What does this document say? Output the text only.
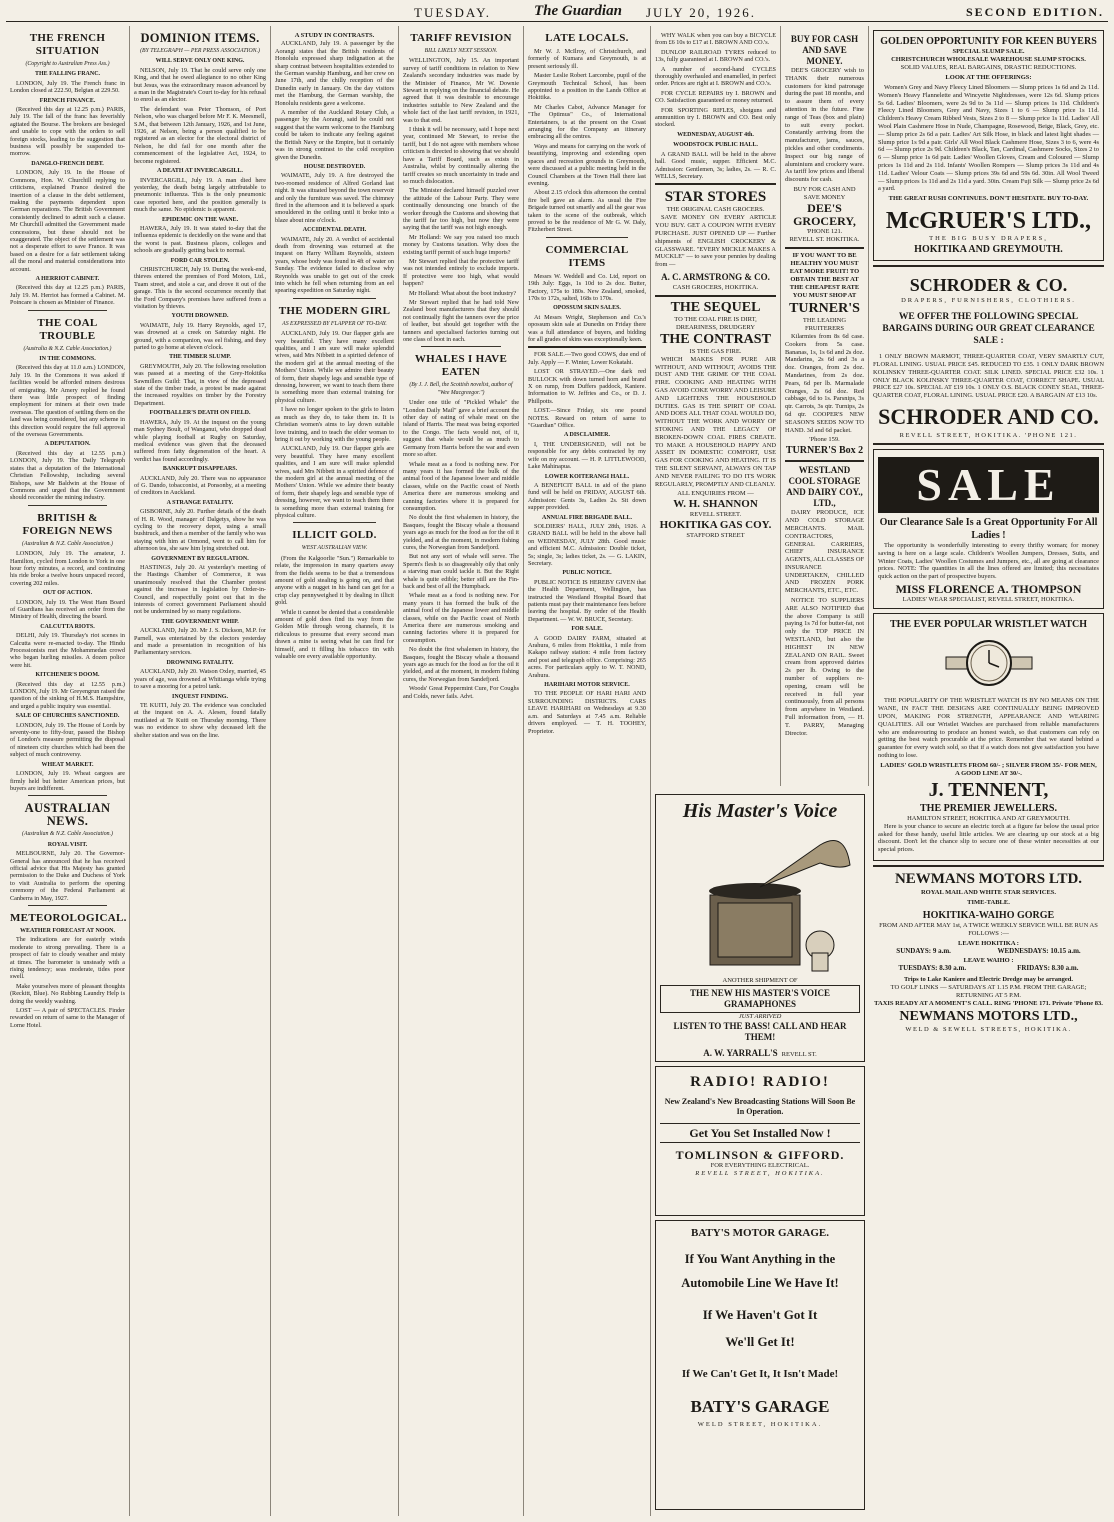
TUESDAY.	The Guardian JULY 20, 1926.	SECOND EDITION.
THE FRENCH SITUATION
(Copyright to Australian Press Ass.)
THE FALLING FRANC.
LONDON, July 19. The French franc in London closed at 222.50, Belgian at 229.50.
FRENCH FINANCE.
(Received this day at 12.25 p.m.) PARIS, July 19. The fall of the franc has feverishly agitated the Bourse. The brokers are besieged and unable to cope with the orders to sell foreign stocks, leading to the suggestion that business will possibly be suspended to-morrow.
DANGLO-FRENCH DEBT.
LONDON, July 19. In the House of Commons, Hon. W. Churchill replying to criticisms, explained France desired the insertion of a clause in the debt settlement, making the payments dependent upon German reparations. The British Government consistently declined to admit such a clause. Mr Churchill admitted the Government made concessions, but these should not be exaggerated. The object of the settlement was not a desperate effort to save France. It was based on a desire for a fair settlement taking all the moral and material considerations into account.
A HERRIOT CABINET.
(Received this day at 12.25 p.m.) PARIS, July 19. M. Herriot has formed a Cabinet. M. Poincare is chosen as Minister of Finance.
THE COAL TROUBLE
(Australia & N.Z. Cable Association.)
IN THE COMMONS.
(Received this day at 11.0 a.m.) LONDON, July 19. In the Commons it was asked if facilities would be afforded miners desirous of emigrating. Mr Amery replied he found there was little prospect of finding employment for miners at their own trade overseas. The question of settling them on the land was being considered, but any scheme in this direction would require the full approval of the overseas Governments.
A DEPUTATION.
(Received this day at 12.55 p.m.) LONDON, July 19. The Daily Telegraph states that a deputation of the International Christian Fellowship, including several Bishops, saw Mr Baldwin at the House of Commons and urged that the Government should reconsider the mining industry.
BRITISH & FOREIGN NEWS
(Australian & N.Z. Cable Association.)
LONDON, July 19. The amateur, J. Hamilton, cycled from London to York in one hour forty minutes, a record, and continuing his ride broke a twelve hours unpaced record, covering 202 miles.
OUT OF ACTION.
LONDON, July 19. The West Ham Board of Guardians has received an order from the Ministry of Health, directing the board.
CALCUTTA RIOTS.
DELHI, July 19. Thursday's riot scenes in Calcutta were re-enacted to-day. The Hindu Processionists met the Mohammedan crowd who began hurling missiles. A dozen police were hit.
KITCHENER'S DOOM.
(Received this day at 12.55 p.m.) LONDON, July 19. Mr Greyengrun raised the question of the sinking of H.M.S. Hampshire, and urged a public inquiry was essential.
SALE OF CHURCHES SANCTIONED.
LONDON, July 19. The House of Lords by seventy-one to fifty-four, passed the Bishop of London's measure permitting the disposal of nineteen city churches which had been the subject of much controversy.
WHEAT MARKET.
LONDON, July 19. Wheat cargoes are firmly held but hetter American prices, but buyers are indifferent.
AUSTRALIAN NEWS.
(Australian & N.Z. Cable Association.)
ROYAL VISIT.
MELBOURNE, July 20. The Governor-General has announced that he has received official advice that His Majesty has granted permission to the Duke and Duchess of York to visit Australia to perform the opening ceremony of the Federal Parliament at Canberra in May, 1927.
METEOROLOGICAL.
WEATHER FORECAST AT NOON.
The indications are for easterly winds moderate to strong prevailing. There is a prospect of fair to cloudy weather and misty at times. The barometer is unsteady with a rising tendency; seas moderate, tides poor swell.
Make yourselves more of pleasant thoughts (Reckitt, Blue). No Rubbing Laundry Help is doing the weekly washing.
LOST — A pair of SPECTACLES. Finder rewarded on return of same to the Manager of Lorne Hotel.
DOMINION ITEMS.
(BY TELEGRAPH — PER PRESS ASSOCIATION.)
WILL SERVE ONLY ONE KING.
NELSON, July 19. That he could serve only one King, and that he owed allegiance to no other King but Jesus, was the extraordinary reason advanced by a man in the Magistrate's Court to-day for his refusal to enrol as an elector.
The defendant was Peter Thomson, of Port Nelson, who was charged before Mr F. K. Meesmell, S.M., that between 12th January, 1926, and 1st June, 1926, at Nelson, being a person qualified to be registered as an elector for the electoral district of Nelson, he did fail for one month after the commencement of the legislative Act, 1924, to become registered.
A DEATH AT INVERCARGILL.
INVERCARGILL, July 19. A man died here yesterday, the death being largely attributable to pneumonic influenza. This is the only pneumonic case reported here, and the position generally is much the same. No epidemic is apparent.
EPIDEMIC ON THE WANE.
HAWERA, July 19. It was stated to-day that the influenza epidemic is decidedly on the wane and that the worst is past. Business places, colleges and schools are gradually getting back to normal.
FORD CAR STOLEN.
CHRISTCHURCH, July 19. During the week-end, thieves entered the premises of Ford Motors, Ltd., Tuam street, and stole a car, and drove it out of the garage. This is the second occurrence recently that the Ford Company's premises have suffered from a visitation by thieves.
YOUTH DROWNED.
WAIMATE, July 19. Harry Reynolds, aged 17, was drowned at a creek on Saturday night. He ground, with a companion, was eel fishing, and they parted to go home at eleven o'clock.
THE TIMBER SLUMP.
GREYMOUTH, July 20. The following resolution was passed at a meeting of the Grey-Hokitika Sawmillers Guild: That, in view of the depressed state of the timber trade, a protest be made against the increased royalties on timber by the Forestry Department.
FOOTBALLER'S DEATH ON FIELD.
HAWERA, July 19. At the inquest on the young man Sydney Boult, of Wanganui, who dropped dead while playing football at Rugby on Saturday, medical evidence was given that the deceased suffered from fatty degeneration of the heart. A verdict has found accordingly.
BANKRUPT DISAPPEARS.
AUCKLAND, July 20. There was no appearance of G. Dando, tobacconist, at Ponsonby, at a meeting of creditors in Auckland.
A STRANGE FATALITY.
GISBORNE, July 20. Further details of the death of H. R. Wood, manager of Dalgetys, show he was cycling to the recovery depot, using a small bushtruck, and then a member of the family who was staying with him at Ormond, went to call him for afternoon tea, she saw him lying stretched out.
GOVERNMENT BY REGULATION.
HASTINGS, July 20. At yesterday's meeting of the Hastings Chamber of Commerce, it was unanimously resolved that the Chamber protest against the increase in legislation by Order-in-Council, and respectfully point out that in the interests of correct government Parliament should not be undermined by so many regulations.
THE GOVERNMENT WHIP.
AUCKLAND, July 20. Mr J. S. Dickson, M.P. for Parnell, was entertained by the electors yesterday and made a presentation in recognition of his Parliamentary services.
DROWNING FATALITY.
AUCKLAND, July 20. Watson Oxley, married, 45 years of age, was drowned at Whitianga while trying to save a mooring for a petrol tank.
INQUEST FINDING.
TE KUITI, July 20. The evidence was concluded at the inquest on A. A. Alesen, found fatally mutilated at Te Kuiti on Thursday morning. There was no evidence to show why deceased left the shelter station and was on the line.
A STUDY IN CONTRASTS.
AUCKLAND, July 19. A passenger by the Aorangi states that the British residents of Honolulu expressed sharp indignation at the sharp contrast between hospitalities extended to the German warship Hamburg, and her crew on June 17th, and the chilly reception of the Dunedin early in January. On the day visitors met the Hamburg, the German warship, the Honolulu residents gave a welcome.
A member of the Auckland Rotary Club, a passenger by the Aorangi, said he could not suggest that the warm welcome to the Hamburg could be taken to indicate any feeling against the British Navy or the Empire, but it certainly was in strong contrast to the cold reception given the Dunedin.
HOUSE DESTROYED.
WAIMATE, July 19. A fire destroyed the two-roomed residence of Alfred Gorland last night. It was situated beyond the town reservoir and only the furniture was saved. The chimney fired in the afternoon and it is believed a spark smouldered in the ceiling until it broke into a blaze about nine o'clock.
ACCIDENTAL DEATH.
WAIMATE, July 20. A verdict of accidental death from drowning was returned at the inquest on Harry William Reynolds, sixteen years, whose body was found in 4ft of water on Sunday. The evidence failed to disclose why Reynolds was unable to get out of the creek into which he fell when returning from an eel spearing expedition on Saturday night.
THE MODERN GIRL
AS EXPRESSED BY FLAPPER OF TO-DAY.
AUCKLAND, July 19. Our flapper girls are very beautiful. They have many excellent qualities, and I am sure will make splendid wives, said Mrs Nibbett in a spirited defence of the modern girl at the annual meeting of the Mothers' Union. While we admire their beauty of form, their shapely legs and sensible type of dressing, however, we want to teach them there is something more than external training for physical culture.
I have no longer spoken to the girls to listen as much as they do, to take them in. It is Christian women's aims to lay down suitable love training, and to teach the elder woman to bring it out by working with the young people.
AUCKLAND, July 19. Our flapper girls are very beautiful. They have many excellent qualities, and I am sure will make splendid wives, said Mrs Nibbett in a spirited defence of the modern girl at the annual meeting of the Mothers' Union. While we admire their beauty of form, their shapely legs and sensible type of dressing, however, we want to teach them there is something more than external training for physical culture.
ILLICIT GOLD.
WEST AUSTRALIAN VIEW.
(From the Kalgoorlie "Sun.") Remarkable to relate, the impression in many quarters away from the fields seems to be that a tremendous amount of gold stealing is going on, and that anyone with a nugget in his hand can get for a crisp clay pennyweighed it by dealing in illicit gold.
While it cannot be denied that a considerable amount of gold does find its way from the Golden Mile through wrong channels, it is ridiculous to presume that every second man drawn a mine is seeing what he can find for himself, and it filling his tobacco tin with valuable ore every available opportunity.
TARIFF REVISION
BILL LIKELY NEXT SESSION.
WELLINGTON, July 15. An important survey of tariff conditions in relation to New Zealand's secondary industries was made by the Minister of Finance, Mr W. Downie Stewart in replying on the financial debate. He agreed that it was desirable to encourage industries suitable to New Zealand and the whole fact of the last tariff revision, in 1921, was to that end.
I think it will be necessary, said I hope next year, continued Mr Stewart, to revise the tariff, but I do not agree with members whose criticism is directed to showing that we should have a Tariff Board, such as exists in Australia, whilst by continually altering the tariff creates so much uncertainty in trade and so much dislocation.
The Minister declared himself puzzled over the attitude of the Labour Party. They were continually denouncing one branch of the worker through the Customs and showing that the tariff far too high, but now they were saying that the tariff was not high enough.
Mr Holland: We say you raised too much money by Customs taxation. Why does the existing tariff permit of such huge imports?
Mr Stewart replied that the protective tariff was not intended entirely to exclude imports. If protective were too high, what would happen?
Mr Holland: What about the boot industry?
Mr Stewart replied that he had told New Zealand boot manufacturers that they should not continually fight the tanners over the price of leather, but should get together with the tanners and specialised factories turning out one class of boot in each.
WHALES I HAVE EATEN
(By J. J. Bell, the Scottish novelist, author of "Wee Macgreegor.")
Under one title of "Pickled Whale" the "London Daily Mail" gave a brief account the other day of eating of whale meat on the island of Harris. The meat was being exported to the Congo. The facts would not, of it, suggest that whale would be as much to Germany from Harris before the war and even more so after.
Whale meat as a food is nothing new. For many years it has formed the bulk of the animal food of the Japanese lower and middle classes, while on the Pacific coast of North America there are numerous smoking and canning factories where it is prepared for consumption.
No doubt the first whalemen in history, the Basques, fought the Biscay whale a thousand years ago as much for the food as for the oil it yielded, and at the moment, in modern fishing cures, the Norwegian from Sandefjord.
But not any sort of whale will serve. The Sperm's flesh is so disagreeably oily that only a starving man could tackle it. But the Right whale is quite edible; better still are the Fin-back and best of all the Humpback.
Whale meat as a food is nothing new. For many years it has formed the bulk of the animal food of the Japanese lower and middle classes, while on the Pacific coast of North America there are numerous smoking and canning factories where it is prepared for consumption.
No doubt the first whalemen in history, the Basques, fought the Biscay whale a thousand years ago as much for the food as for the oil it yielded, and at the moment, in modern fishing cures, the Norwegian from Sandefjord.
Woods' Great Peppermint Cure, For Coughs and Colds, never fails. Advt.
LATE LOCALS.
Mr W. J. McIlroy, of Christchurch, and formerly of Kumara and Greymouth, is at present seriously ill.
Master Leslie Robert Larcombe, pupil of the Greymouth Technical School, has been appointed to a position in the Lands Office at Hokitika.
Mr Charles Cabot, Advance Manager for "The Optimus" Co., of International Entertainers, is at the present on the Coast arranging for the Company an itinerary embracing all the centres.
Ways and means for carrying on the work of beautifying, improving and extending open spaces and recreation grounds in Greymouth, were discussed at a public meeting held in the Council Chambers at the Town Hall there last evening.
About 2.15 o'clock this afternoon the central fire bell gave an alarm. As usual the Fire Brigade turned out smartly and all the gear was taken to the scene of the outbreak, which proved to be the residence of Mr G. W. Daly, Fitzherbert Street.
COMMERCIAL ITEMS
Messrs W. Weddell and Co. Ltd, report on 19th July: Eggs, 1s 10d to 2s doz. Butter, Factory, 175s to 180s. New Zealand, smoked, 170s to 172s, salted, 168s to 170s.
OPOSSUM SKIN SALES.
At Messrs Wright, Stephenson and Co.'s opossum skin sale at Dunedin on Friday there was a full attendance of buyers, and bidding for all grades of skins was exceptionally keen.
FOR SALE.—Two good COWS, due end of July. Apply — F. Winter, Lower Kokatahi.
LOST OR STRAYED.—One dark red BULLOCK with down turned horn and brand X on rump, from Duffers paddock, Kaniere. Information to W. Jeffries and Co., or D. J. Phillpotts.
LOST.—Since Friday, six one pound NOTES. Reward on return of same to "Guardian" Office.
A DISCLAIMER.
I, THE UNDERSIGNED, will not be responsible for any debts contracted by my wife on my account. — H. P. LITTLEWOOD, Lake Mahinapua.
LOWER KOITERANGI HALL.
A BENEFICIT BALL in aid of the piano fund will be held on FRIDAY, AUGUST 6th. Admission: Gents 3s, Ladies 2s. Sit down supper provided.
ANNUAL FIRE BRIGADE BALL.
SOLDIERS' HALL, JULY 28th, 1926. A GRAND BALL will be held in the above hall on WEDNESDAY, JULY 28th. Good music and efficient M.C. Admission: Double ticket, 5s; single, 3s; ladies ticket, 2s. — G. LAKIN, Secretary.
PUBLIC NOTICE.
PUBLIC NOTICE IS HEREBY GIVEN that the Health Department, Wellington, has instructed the Westland Hospital Board that patients must pay their maintenance fees before leaving the hospital. By order of the Health Department. — W. W. BRUCE, Secretary.
FOR SALE.
A GOOD DAIRY FARM, situated at Arahura, 6 miles from Hokitika, 1 mile from Kakapo railway station: 4 mile from factory and post and telegraph office. Comprising: 265 acres. For particulars apply to W. T. NOND, Arahura.
HARIHARI MOTOR SERVICE.
TO THE PEOPLE OF HARI HARI AND SURROUNDING DISTRICTS. CARS LEAVE HARIHARI on Wednesdays at 9.30 a.m. and Saturdays at 7.45 a.m. Reliable drivers employed. — T. H. TOOHEY, Proprietor.
WHY WALK when you can buy a BICYCLE from £6 10s to £17 at I. BROWN AND CO.'s.
DUNLOP RAILROAD TYRES reduced to 13s, fully guaranteed at I. BROWN and CO.'s.
A number of second-hand CYCLES thoroughly overhauled and enamelled, in perfect order. Prices are right at I. BROWN and CO.'s.
FOR CYCLE REPAIRS try I. BROWN and CO. Satisfaction guaranteed or money returned.
FOR SPORTING RIFLES, shotguns and ammunition try I. BROWN and CO. Best only stocked.
WEDNESDAY, AUGUST 4th.
WOODSTOCK PUBLIC HALL.
A GRAND BALL will be held in the above hall. Good music, supper. Efficient M.C. Admission: Gentlemen, 3s; ladies, 2s. — R. C. WELLS, Secretary.
STAR STORES
THE ORIGINAL CASH GROCERS.
SAVE MONEY ON EVERY ARTICLE YOU BUY. GET A COUPON WITH EVERY PURCHASE. JUST OPENED UP — Further shipments of ENGLISH CROCKERY & GLASSWARE. "EVERY MICKLE MAKES A MUCKLE" — to save your pennies by dealing from —
A. C. ARMSTRONG & CO.
CASH GROCERS, HOKITIKA.
THE SEQUEL
TO THE COAL FIRE IS DIRT, DREARINESS, DRUDGERY
THE CONTRAST
IS THE GAS FIRE.
WHICH MAKES FOR PURE AIR WITHOUT, AND WITHOUT, AVOIDS THE DUST AND THE GRIME OF THE COAL FIRE. COOKING AND HEATING WITH GAS AVOID COKE WORRY AND LEISURE AND LIGHTENS THE HOUSEHOLD DUTIES. GAS IS THE SPIRIT OF COAL AND DOES ALL THAT COAL WOULD DO, WITHOUT THE WORK AND WORRY OF STOKING AND THE LEGACY OF BROKEN-DOWN COAL FIRES CREATE. TO MAKE A HOUSEHOLD HAPPY AND ASSET IN DOMESTIC COMFORT, USE GAS FOR COOKING AND HEATING. IT IS THE SILENT SERVANT, ALWAYS ON TAP AND NEVER FAILING TO DO ITS WORK REGULARLY, PROMPTLY AND CLEANLY.
ALL ENQUIRIES FROM —
W. H. SHANNON
REVELL STREET.
HOKITIKA GAS COY.
STAFFORD STREET
BUY FOR CASH AND SAVE MONEY.
DEE'S GROCERY wish to THANK their numerous customers for kind patronage during the past 18 months, and to assure them of every attention in the future. Fine range of Teas (box and plain) to suit every pocket. Constantly arriving from the manufacturer, jams, sauces, pickles and other condiments. Inspect our big range of aluminium and crockery ware. As tariff low prices and liberal discounts for cash.
BUY FOR CASH AND SAVE MONEY
DEE'S GROCERY,
'PHONE 121.
REVELL ST. HOKITIKA.
IF YOU WANT TO BE HEALTHY YOU MUST EAT MORE FRUIT! TO OBTAIN THE BEST AT THE CHEAPEST RATE YOU MUST SHOP AT
TURNER'S
THE LEADING FRUITERERS
Kilarmies from 8s 6d case. Cookers from 5s case. Bananas, 1s, 1s 6d and 2s doz. Mandarins, 2s 6d and 3s a doz. Oranges, from 2s doz. Mandarines, from 2s doz. Pears, 6d per lb. Marmalade Oranges, 2s 6d doz. Red cabbage, 6d to 1s. Parsnips, 3s qtr. Carrots, 3s qtr. Turnips, 2s 6d qtr. COOPER'S NEW SEASON'S SEEDS NOW TO HAND. 3d and 6d packet.
'Phone 159.
TURNER'S Box 2
WESTLAND COOL STORAGE AND DAIRY COY., LTD.,
DAIRY PRODUCE, ICE AND COLD STORAGE MERCHANTS. MAIL CONTRACTORS, GENERAL CARRIERS, CHIEF INSURANCE AGENTS, ALL CLASSES OF INSURANCE UNDERTAKEN, CHILLED AND FROZEN PORK MERCHANTS, ETC., ETC.
NOTICE TO SUPPLIERS ARE ALSO NOTIFIED that the above Company is still paying 1s 7d for butter-fat, not only the TOP PRICE IN WESTLAND, but also the HIGHEST IN NEW ZEALAND ON RAIL. Sweet cream from approved dairies 2s per lb. Owing to the number of suppliers re-opening, cream will be received in full year continuously, from all persons from anywhere in Westland. Full information from, — H. T. PARRY, Managing Director.
His Master's Voice
ANOTHER SHIPMENT OF
THE NEW HIS MASTER'S VOICE GRAMAPHONES
JUST ARRIVED
LISTEN TO THE BASS! CALL AND HEAR THEM!
A. W. YARRALL'S REVELL ST.
RADIO! RADIO!
New Zealand's New Broadcasting Stations Will Soon Be In Operation.
Get You Set Installed Now !
TOMLINSON & GIFFORD.
FOR EVERYTHING ELECTRICAL.
REVELL STREET, HOKITIKA.
BATY'S MOTOR GARAGE.
If You Want Anything in the
Automobile Line We Have It!
If We Haven't Got It
We'll Get It!
If We Can't Get It, It Isn't Made!
BATY'S GARAGE
WELD STREET, HOKITIKA.
GOLDEN OPPORTUNITY FOR KEEN BUYERS
SPECIAL SLUMP SALE.
CHRISTCHURCH WHOLESALE WAREHOUSE SLUMP STOCKS.
SOLID VALUES, REAL BARGAINS, DRASTIC REDUCTIONS.
LOOK AT THE OFFERINGS:
Women's Grey and Navy Fleecy Lined Bloomers — Slump prices 1s 6d and 2s 11d. Women's Heavy Flannelette and Wincyette Nightdresses, were 12s 6d. Slump prices 5s 6d. Ladies' Bloomers, were 2s 9d to 3s 11d — Slump prices 1s 11d. Children's Fleecy Lined Bloomers, Grey and Navy, Sizes 1 to 6 — Slump price 1s 11d. Children's Heavy Cream Ribbed Vests, Sizes 2 to 8 — Slump price 1s 11d. Ladies' All Wool Plain Cashmere Hose in Nude, Champagne, Rosewood, Beige, Black, Grey, etc. — Slump price 2s 6d a pair. Ladies' Art Silk Hose, in black and latest light shades — Slump price 1s 9d a pair. Girls' All Wool Black Cashmere Hose, Sizes 3 to 6, were 4s 6d — Slump price 2s 9d. Children's Black, Tan, Cardinal, Cashmere Socks, Sizes 2 to 6 — Slump price 1s 6d pair. Ladies' Woollen Gloves, Cream and Coloured — Slump prices 1s 11d and 2s 11d. Infants' Woollen Rompers — Slump prices 3s 11d and 4s 11d. Ladies' Velour Coats — Slump prices 39s 6d and 59s 6d. 30in. All Wool Tweed — Slump prices 1s 11d and 2s 11d a yard. 30in. Cream Fuji Silk — Slump price 2s 6d a yard.
THE GREAT RUSH CONTINUES. DON'T HESITATE. BUY TO-DAY.
McGRUER'S LTD.,
THE BIG BUSY DRAPERS,
HOKITIKA AND GREYMOUTH.
SCHRODER & CO.
DRAPERS, FURNISHERS, CLOTHIERS.
WE OFFER THE FOLLOWING SPECIAL BARGAINS DURING OUR GREAT CLEARANCE SALE :
1 ONLY BROWN MARMOT, THREE-QUARTER COAT, VERY SMARTLY CUT, FLORAL LINING. USUAL PRICE £45. REDUCED TO £35. 1 ONLY DARK BROWN KOLINSKY THREE-QUARTER COAT. SILK LINED. SPECIAL PRICE £32 10s. 1 ONLY BLACK KOLINSKY THREE-QUARTER COAT, CORRECT SHAPE. USUAL PRICE £27 10s. SPECIAL AT £19 10s. 1 ONLY O.S. BLACK CONEY SEAL, THREE-QUARTER COAT, FLORAL LINING. USUAL PRICE £20. A BARGAIN AT £13 10s.
SCHRODER AND CO.
REVELL STREET, HOKITIKA. 'PHONE 121.
SALE
Our Clearance Sale Is a Great Opportunity For All Ladies !
The opportunity is wonderfully interesting to every thrifty woman; for money saving is here on a large scale. Children's Woollen Jumpers, Dresses, Suits, and Winter Coats, Ladies' Woollen Costumes and Jumpers, etc., all are going at clearance prices. NOTE: The quantities in all the lines offered are limited; this necessitates quick action on the part of prospective buyers.
MISS FLORENCE A. THOMPSON
LADIES' WEAR SPECIALIST, REVELL STREET, HOKITIKA.
THE EVER POPULAR WRISTLET WATCH
THE POPULARITY OF THE WRISTLET WATCH IS BY NO MEANS ON THE WANE, IN FACT THE DESIGNS ARE CONTINUALLY BEING IMPROVED UPON, MAKING FOR STRENGTH, APPEARANCE AND WEARING QUALITIES. All our Wristlet Watches are purchased from reliable manufacturers who are endeavouring to produce an honest watch, so that customers can rely on getting the best watch procurable at the price. Remember that we stand behind a guarantee for every watch sold, so that if a watch does not give satisfaction you have nothing to lose.
LADIES' GOLD WRISTLETS FROM 60/- ; SILVER FROM 35/- FOR MEN, A GOOD LINE AT 30/-.
J. TENNENT,
THE PREMIER JEWELLERS.
HAMILTON STREET, HOKITIKA AND AT GREYMOUTH.
Here is your chance to secure an electric torch at a figure far below the usual price asked for these handy, useful little articles. We are clearing up our stock at a big discount. Don't let the chance slip to secure one of these winter necessities at our special prices.
NEWMANS MOTORS LTD.
ROYAL MAIL AND WHITE STAR SERVICES.
TIME-TABLE.
HOKITIKA-WAIHO GORGE
FROM AND AFTER MAY 1st, A TWICE WEEKLY SERVICE WILL BE RUN AS FOLLOWS :—
LEAVE HOKITIKA :
SUNDAYS: 9 a.m.	WEDNESDAYS: 10.15 a.m.
LEAVE WAIHO :
TUESDAYS: 8.30 a.m.	FRIDAYS: 8.30 a.m.
Trips to Lake Kaniere and Electric Dredge may be arranged.
TO GOLF LINKS — SATURDAYS AT 1.15 P.M. FROM THE GARAGE; RETURNING AT 5 P.M.
TAXIS READY AT A MOMENT'S CALL. RING 'PHONE 171. Private 'Phone 83.
NEWMANS MOTORS LTD.,
WELD & SEWELL STREETS, HOKITIKA.
